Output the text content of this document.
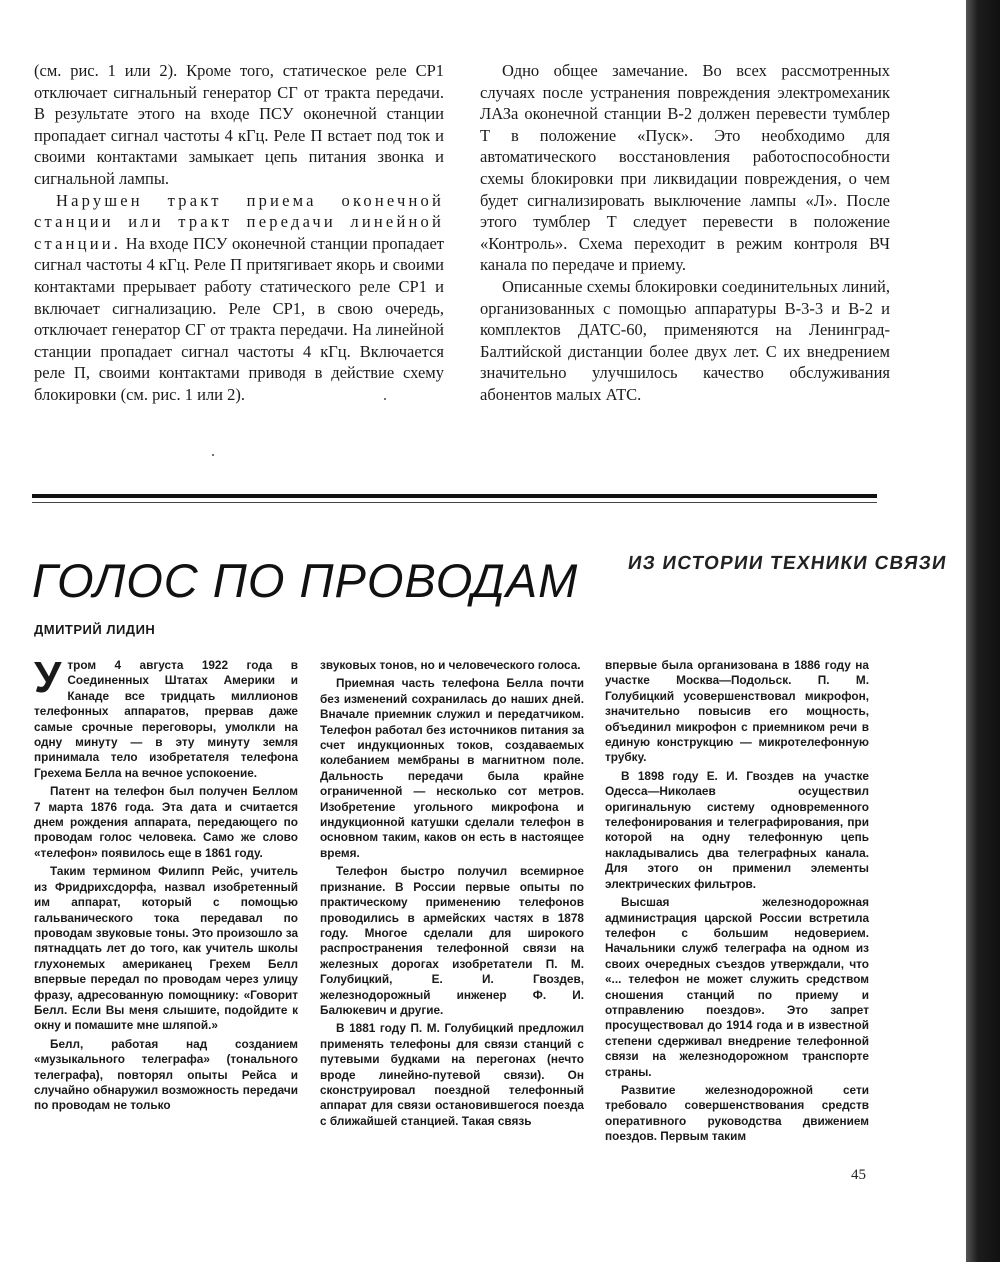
(см. рис. 1 или 2). Кроме того, статическое реле СР1 отключает сигнальный генератор СГ от тракта передачи. В результате этого на входе ПСУ оконечной станции пропадает сигнал частоты 4 кГц. Реле П встает под ток и своими контактами замыкает цепь питания звонка и сигнальной лампы.

Нарушен тракт приема оконечной станции или тракт передачи линейной станции. На входе ПСУ оконечной станции пропадает сигнал частоты 4 кГц. Реле П притягивает якорь и своими контактами прерывает работу статического реле СР1 и включает сигнализацию. Реле СР1, в свою очередь, отключает генератор СГ от тракта передачи. На линейной станции пропадает сигнал частоты 4 кГц. Включается реле П, своими контактами приводя в действие схему блокировки (см. рис. 1 или 2).

Одно общее замечание. Во всех рассмотренных случаях после устранения повреждения электромеханик ЛАЗа оконечной станции В-2 должен перевести тумблер Т в положение «Пуск». Это необходимо для автоматического восстановления работоспособности схемы блокировки при ликвидации повреждения, о чем будет сигнализировать выключение лампы «Л». После этого тумблер Т следует перевести в положение «Контроль». Схема переходит в режим контроля ВЧ канала по передаче и приему.

Описанные схемы блокировки соединительных линий, организованных с помощью аппаратуры В-3-3 и В-2 и комплектов ДАТС-60, применяются на Ленинград-Балтийской дистанции более двух лет. С их внедрением значительно улучшилось качество обслуживания абонентов малых АТС.

ГОЛОС ПО ПРОВОДАМ	ИЗ ИСТОРИИ ТЕХНИКИ СВЯЗИ
ДМИТРИЙ ЛИДИН

Утром 4 августа 1922 года в Соединенных Штатах Америки и Канаде все тридцать миллионов телефонных аппаратов, прервав даже самые срочные переговоры, умолкли на одну минуту — в эту минуту земля принимала тело изобретателя телефона Грехема Белла на вечное успокоение.

Патент на телефон был получен Беллом 7 марта 1876 года. Эта дата и считается днем рождения аппарата, передающего по проводам голос человека. Само же слово «телефон» появилось еще в 1861 году.

Таким термином Филипп Рейс, учитель из Фридрихсдорфа, назвал изобретенный им аппарат, который с помощью гальванического тока передавал по проводам звуковые тоны. Это произошло за пятнадцать лет до того, как учитель школы глухонемых американец Грехем Белл впервые передал по проводам через улицу фразу, адресованную помощнику: «Говорит Белл. Если Вы меня слышите, подойдите к окну и помашите мне шляпой.»

Белл, работая над созданием «музыкального телеграфа» (тонального телеграфа), повторял опыты Рейса и случайно обнаружил возможность передачи по проводам не только

звуковых тонов, но и человеческого голоса.

Приемная часть телефона Белла почти без изменений сохранилась до наших дней. Вначале приемник служил и передатчиком. Телефон работал без источников питания за счет индукционных токов, создаваемых колебанием мембраны в магнитном поле. Дальность передачи была крайне ограниченной — несколько сот метров. Изобретение угольного микрофона и индукционной катушки сделали телефон в основном таким, каков он есть в настоящее время.

Телефон быстро получил всемирное признание. В России первые опыты по практическому применению телефонов проводились в армейских частях в 1878 году. Многое сделали для широкого распространения телефонной связи на железных дорогах изобретатели П. М. Голубицкий, Е. И. Гвоздев, железнодорожный инженер Ф. И. Балюкевич и другие.

В 1881 году П. М. Голубицкий предложил применять телефоны для связи станций с путевыми будками на перегонах (нечто вроде линейно-путевой связи). Он сконструировал поездной телефонный аппарат для связи остановившегося поезда с ближайшей станцией. Такая связь

впервые была организована в 1886 году на участке Москва—Подольск. П. М. Голубицкий усовершенствовал микрофон, значительно повысив его мощность, объединил микрофон с приемником речи в единую конструкцию — микротелефонную трубку.

В 1898 году Е. И. Гвоздев на участке Одесса—Николаев осуществил оригинальную систему одновременного телефонирования и телеграфирования, при которой на одну телефонную цепь накладывались два телеграфных канала. Для этого он применил элементы электрических фильтров.

Высшая железнодорожная администрация царской России встретила телефон с большим недоверием. Начальники служб телеграфа на одном из своих очередных съездов утверждали, что «... телефон не может служить средством сношения станций по приему и отправлению поездов». Это запрет просуществовал до 1914 года и в известной степени сдерживал внедрение телефонной связи на железнодорожном транспорте страны.

Развитие железнодорожной сети требовало совершенствования средств оперативного руководства движением поездов. Первым таким

45
